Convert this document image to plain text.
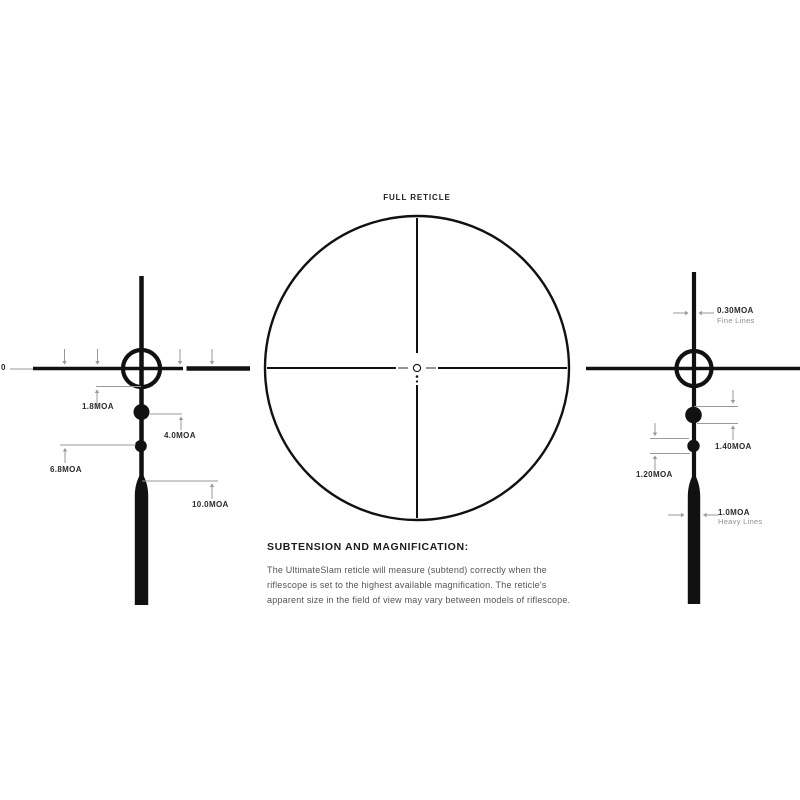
0
1.8MOA
4.0MOA
6.8MOA
10.0MOA
FULL RETICLE
0.30MOA
Fine Lines
1.40MOA
1.20MOA
1.0MOA
Heavy Lines
SUBTENSION AND MAGNIFICATION:
The UltimateSlam reticle will measure (subtend) correctly when the riflescope is set to the highest available magnification. The reticle's apparent size in the field of view may vary between models of riflescope.
